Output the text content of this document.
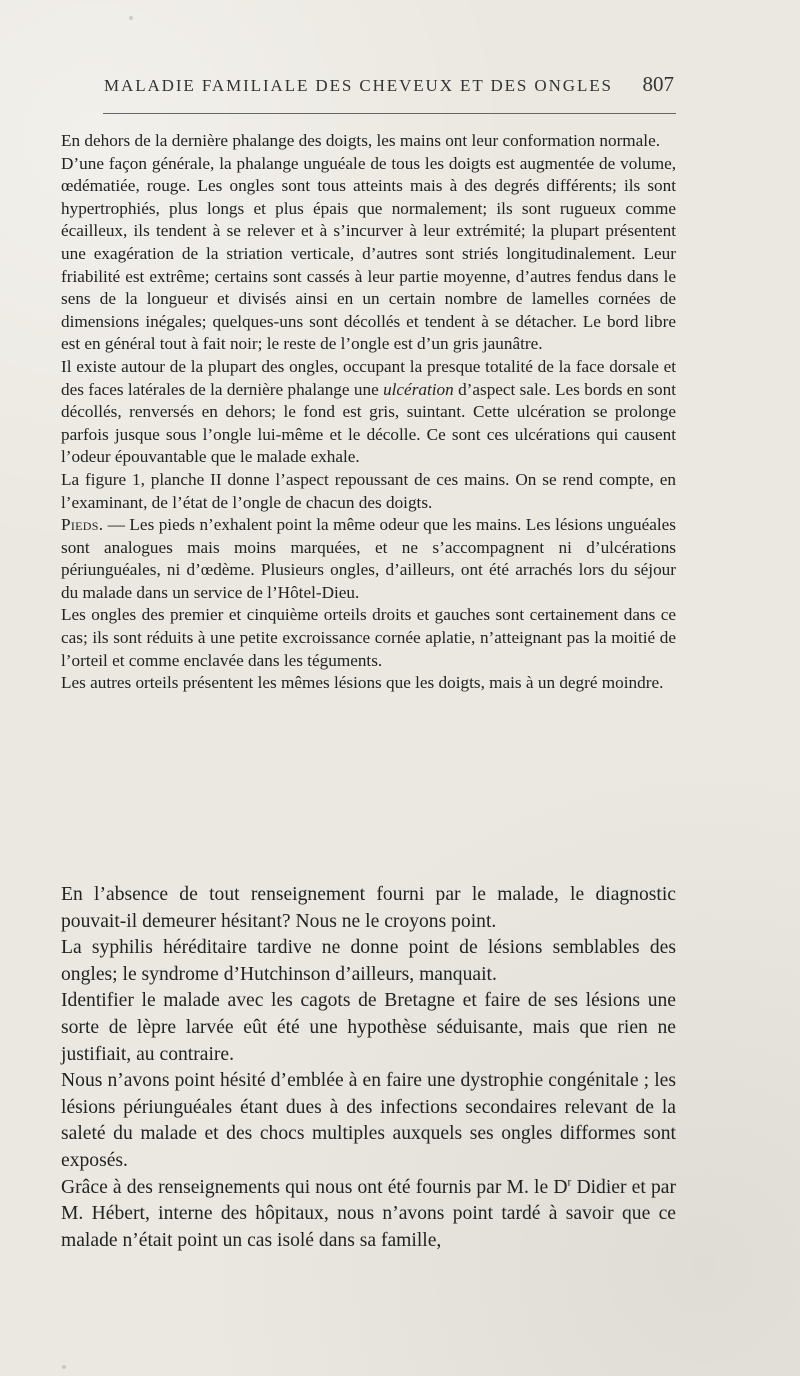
MALADIE FAMILIALE DES CHEVEUX ET DES ONGLES 807

En dehors de la dernière phalange des doigts, les mains ont leur conformation normale.

D’une façon générale, la phalange unguéale de tous les doigts est augmentée de volume, œdématiée, rouge. Les ongles sont tous atteints mais à des degrés différents; ils sont hypertrophiés, plus longs et plus épais que normalement; ils sont rugueux comme écailleux, ils tendent à se relever et à s’incurver à leur extrémité; la plupart présentent une exagération de la striation verticale, d’autres sont striés longitudinalement. Leur friabilité est extrême; certains sont cassés à leur partie moyenne, d’autres fendus dans le sens de la longueur et divisés ainsi en un certain nombre de lamelles cornées de dimensions inégales; quelques-uns sont décollés et tendent à se détacher. Le bord libre est en général tout à fait noir; le reste de l’ongle est d’un gris jaunâtre.

Il existe autour de la plupart des ongles, occupant la presque totalité de la face dorsale et des faces latérales de la dernière phalange une ulcération d’aspect sale. Les bords en sont décollés, renversés en dehors; le fond est gris, suintant. Cette ulcération se prolonge parfois jusque sous l’ongle lui-même et le décolle. Ce sont ces ulcérations qui causent l’odeur épouvantable que le malade exhale.

La figure 1, planche II donne l’aspect repoussant de ces mains. On se rend compte, en l’examinant, de l’état de l’ongle de chacun des doigts.

Pieds. — Les pieds n’exhalent point la même odeur que les mains. Les lésions unguéales sont analogues mais moins marquées, et ne s’accompagnent ni d’ulcérations périunguéales, ni d’œdème. Plusieurs ongles, d’ailleurs, ont été arrachés lors du séjour du malade dans un service de l’Hôtel-Dieu.

Les ongles des premier et cinquième orteils droits et gauches sont certainement dans ce cas; ils sont réduits à une petite excroissance cornée aplatie, n’atteignant pas la moitié de l’orteil et comme enclavée dans les téguments.

Les autres orteils présentent les mêmes lésions que les doigts, mais à un degré moindre.

En l’absence de tout renseignement fourni par le malade, le diagnostic pouvait-il demeurer hésitant? Nous ne le croyons point.

La syphilis héréditaire tardive ne donne point de lésions semblables des ongles; le syndrome d’Hutchinson d’ailleurs, manquait.

Identifier le malade avec les cagots de Bretagne et faire de ses lésions une sorte de lèpre larvée eût été une hypothèse séduisante, mais que rien ne justifiait, au contraire.

Nous n’avons point hésité d’emblée à en faire une dystrophie congénitale ; les lésions périunguéales étant dues à des infections secondaires relevant de la saleté du malade et des chocs multiples auxquels ses ongles difformes sont exposés.

Grâce à des renseignements qui nous ont été fournis par M. le $D^r$ Didier et par M. Hébert, interne des hôpitaux, nous n’avons point tardé à savoir que ce malade n’était point un cas isolé dans sa famille,
